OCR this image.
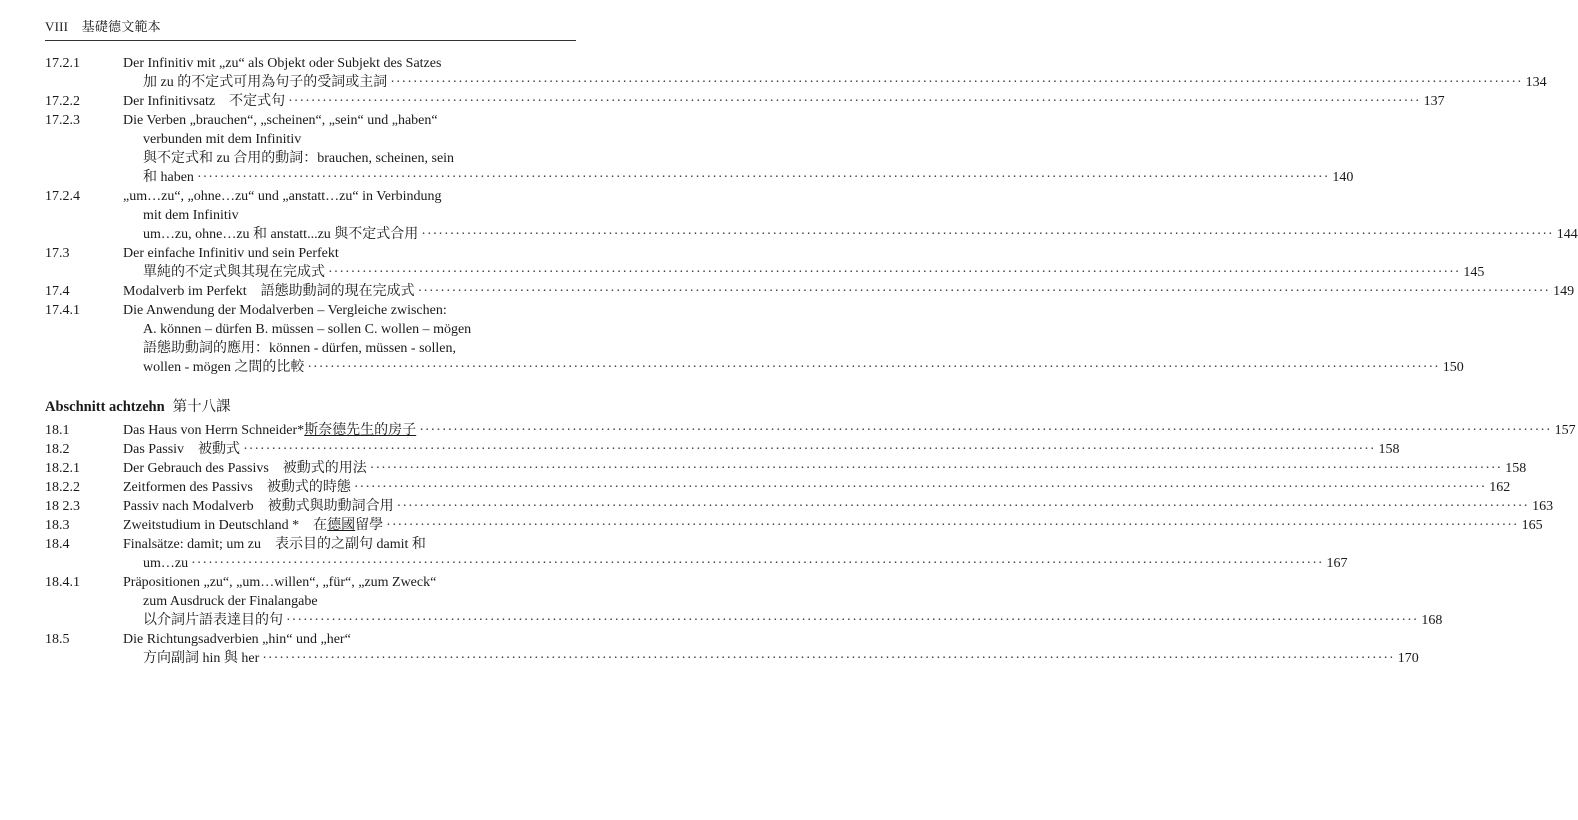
VIII 基礎德文範本
17.2.1	Der Infinitiv mit „zu“ als Objekt oder Subjekt des Satzes
加 zu 的不定式可用為句子的受詞或主詞 ········································································································································································································ 134
17.2.2	Der Infinitivsatz　不定式句 ········································································································································································································ 137
17.2.3	Die Verben „brauchen“, „scheinen“, „sein“ und „haben“
verbunden mit dem Infinitiv
與不定式和 zu 合用的動詞：brauchen, scheinen, sein
和 haben ········································································································································································································ 140
17.2.4	„um…zu“, „ohne…zu“ und „anstatt…zu“ in Verbindung
mit dem Infinitiv
um…zu, ohne…zu 和 anstatt...zu 與不定式合用 ········································································································································································································ 144
17.3	Der einfache Infinitiv und sein Perfekt
單純的不定式與其現在完成式 ········································································································································································································ 145
17.4	Modalverb im Perfekt　語態助動詞的現在完成式 ········································································································································································································ 149
17.4.1	Die Anwendung der Modalverben – Vergleiche zwischen:
A. können – dürfen B. müssen – sollen C. wollen – mögen
語態助動詞的應用：können - dürfen, müssen - sollen,
wollen - mögen 之間的比較 ········································································································································································································ 150
Abschnitt achtzehn 第十八課
18.1	Das Haus von Herrn Schneider*斯奈德先生的房子 ········································································································································································································ 157
18.2	Das Passiv　被動式 ········································································································································································································ 158
18.2.1	Der Gebrauch des Passivs　被動式的用法 ········································································································································································································ 158
18.2.2	Zeitformen des Passivs　被動式的時態 ········································································································································································································ 162
18 2.3	Passiv nach Modalverb　被動式與助動詞合用 ········································································································································································································ 163
18.3	Zweitstudium in Deutschland *　在德國留學 ········································································································································································································ 165
18.4	Finalsätze: damit; um zu　表示目的之副句 damit 和
um…zu ········································································································································································································ 167
18.4.1	Präpositionen „zu“, „um…willen“, „für“, „zum Zweck“
zum Ausdruck der Finalangabe
以介詞片語表達目的句 ········································································································································································································ 168
18.5	Die Richtungsadverbien „hin“ und „her“
方向副詞 hin 與 her ········································································································································································································ 170
